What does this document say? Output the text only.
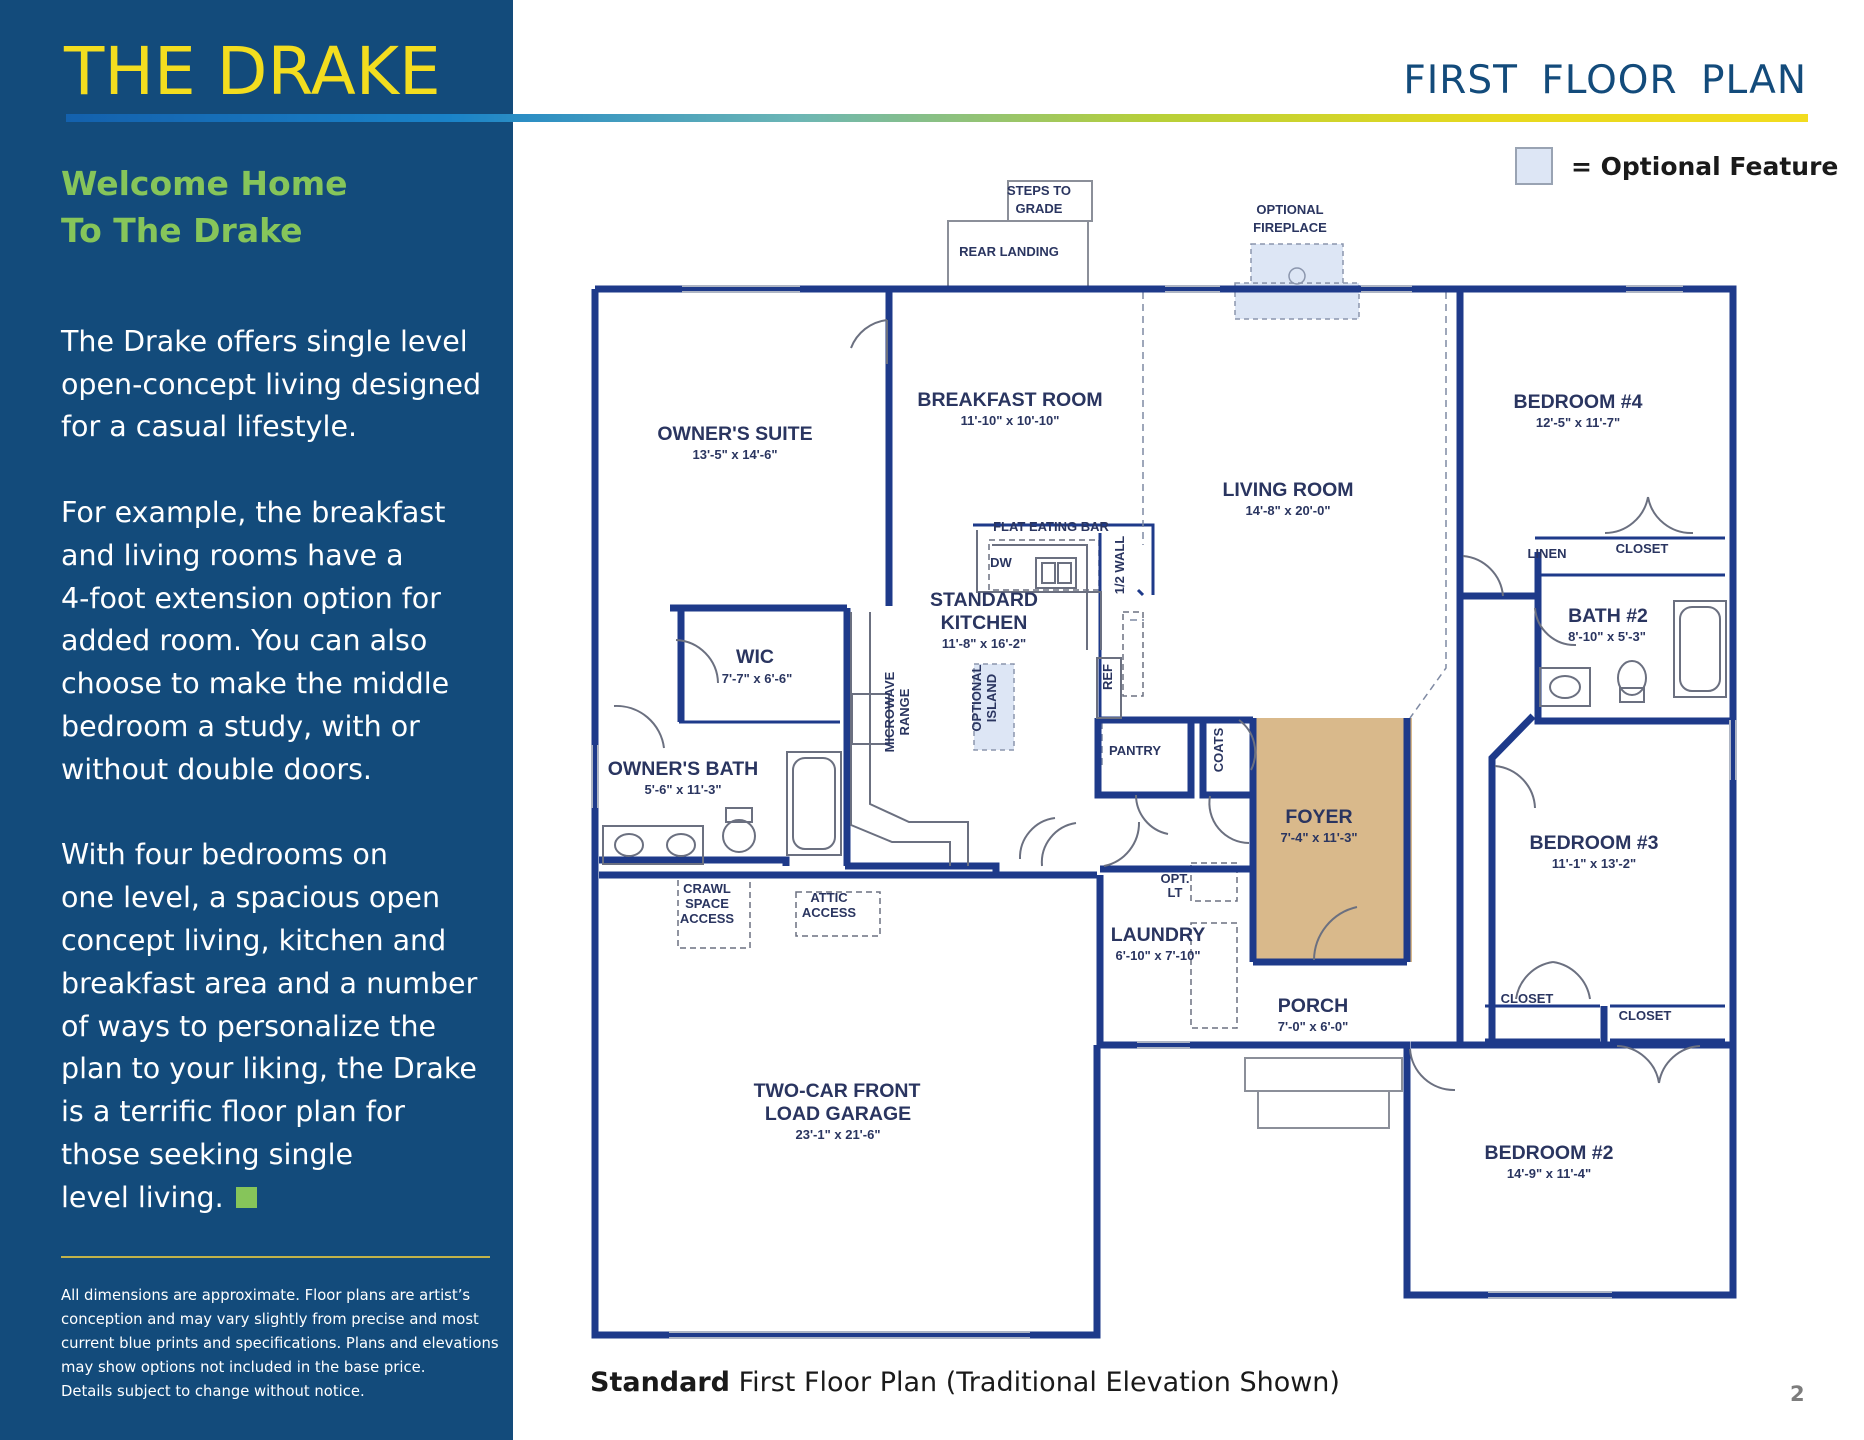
THE DRAKE
Welcome Home
To The Drake

The Drake offers single level
open-concept living designed
for a casual lifestyle.

For example, the breakfast
and living rooms have a
4-foot extension option for
added room. You can also
choose to make the middle
bedroom a study, with or
without double doors.

With four bedrooms on
one level, a spacious open
concept living, kitchen and
breakfast area and a number
of ways to personalize the
plan to your liking, the Drake
is a terrific floor plan for
those seeking single
level living.

All dimensions are approximate. Floor plans are artist’s
conception and may vary slightly from precise and most
current blue prints and specifications. Plans and elevations
may show options not included in the base price.
Details subject to change without notice.
FIRST FLOOR PLAN
= Optional Feature
OWNER'S SUITE
13'-5" x 14'-6"
BREAKFAST ROOM
11'-10" x 10'-10"
LIVING ROOM
14'-8" x 20'-0"
BEDROOM #4
12'-5" x 11'-7"
WIC
7'-7" x 6'-6"
STANDARD
KITCHEN
11'-8" x 16'-2"
BATH #2
8'-10" x 5'-3"
OWNER'S BATH
5'-6" x 11'-3"
FOYER
7'-4" x 11'-3"	BEDROOM #3
11'-1" x 13'-2"
LAUNDRY
6'-10" x 7'-10"
PORCH
7'-0" x 6'-0"
TWO-CAR FRONT
LOAD GARAGE
23'-1" x 21'-6"
BEDROOM #2
14'-9" x 11'-4"
STEPS TO
GRADE
REAR LANDING
OPTIONAL
FIREPLACE
FLAT EATING BAR
DW	1/2 WALL
REF
MICROWAVE RANGE	OPTIONAL ISLAND
PANTRY	COATS
LINEN	CLOSET
CLOSET
CLOSET
OPT.
LT
CRAWL
SPACE
ACCESS
ATTIC
ACCESS
Standard First Floor Plan (Traditional Elevation Shown)	2
